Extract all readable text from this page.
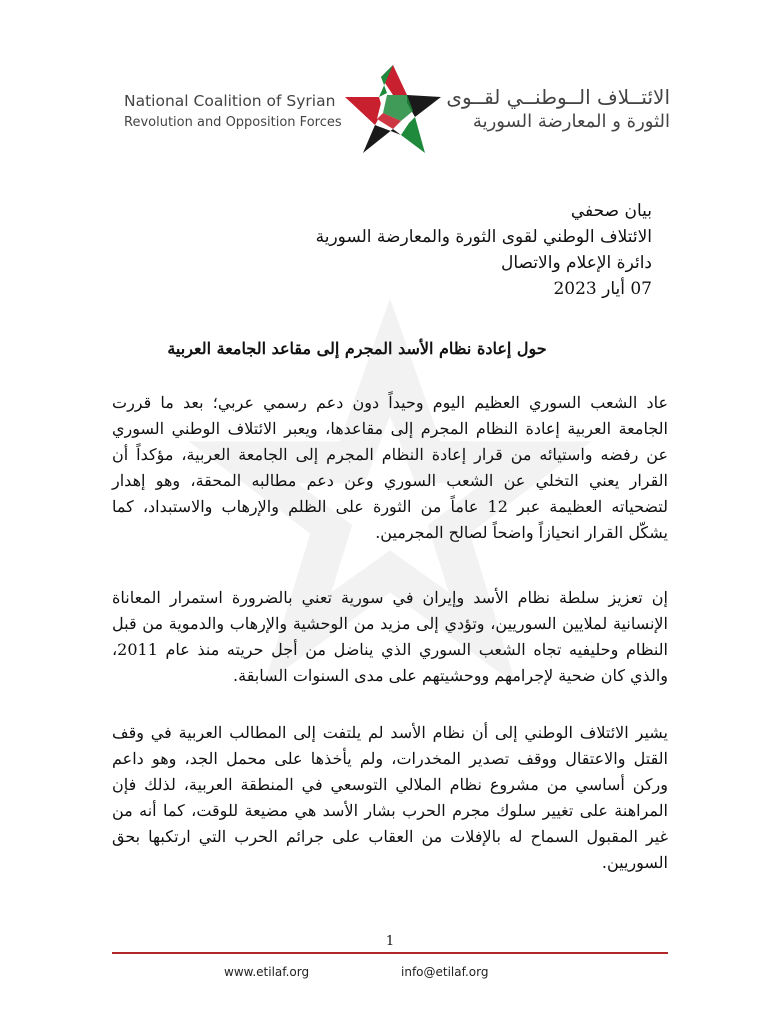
National Coalition of Syrian
Revolution and Opposition Forces
الائتــلاف الــوطنــي لقــوى
الثورة و المعارضة السورية
بيان صحفي
الائتلاف الوطني لقوى الثورة والمعارضة السورية
دائرة الإعلام والاتصال
07 أيار 2023
حول إعادة نظام الأسد المجرم إلى مقاعد الجامعة العربية
عاد الشعب السوري العظيم اليوم وحيداً دون دعم رسمي عربي؛ بعد ما قررت الجامعة العربية إعادة النظام المجرم إلى مقاعدها، ويعبر الائتلاف الوطني السوري عن رفضه واستيائه من قرار إعادة النظام المجرم إلى الجامعة العربية، مؤكداً أن القرار يعني التخلي عن الشعب السوري وعن دعم مطالبه المحقة، وهو إهدار لتضحياته العظيمة عبر 12 عاماً من الثورة على الظلم والإرهاب والاستبداد، كما يشكّل القرار انحيازاً واضحاً لصالح المجرمين.
إن تعزيز سلطة نظام الأسد وإيران في سورية تعني بالضرورة استمرار المعاناة الإنسانية لملايين السوريين، وتؤدي إلى مزيد من الوحشية والإرهاب والدموية من قبل النظام وحليفيه تجاه الشعب السوري الذي يناضل من أجل حريته منذ عام 2011، والذي كان ضحية لإجرامهم ووحشيتهم على مدى السنوات السابقة.
يشير الائتلاف الوطني إلى أن نظام الأسد لم يلتفت إلى المطالب العربية في وقف القتل والاعتقال ووقف تصدير المخدرات، ولم يأخذها على محمل الجد، وهو داعم وركن أساسي من مشروع نظام الملالي التوسعي في المنطقة العربية، لذلك فإن المراهنة على تغيير سلوك مجرم الحرب بشار الأسد هي مضيعة للوقت، كما أنه من غير المقبول السماح له بالإفلات من العقاب على جرائم الحرب التي ارتكبها بحق السوريين.
1
www.etilaf.org	info@etilaf.org
